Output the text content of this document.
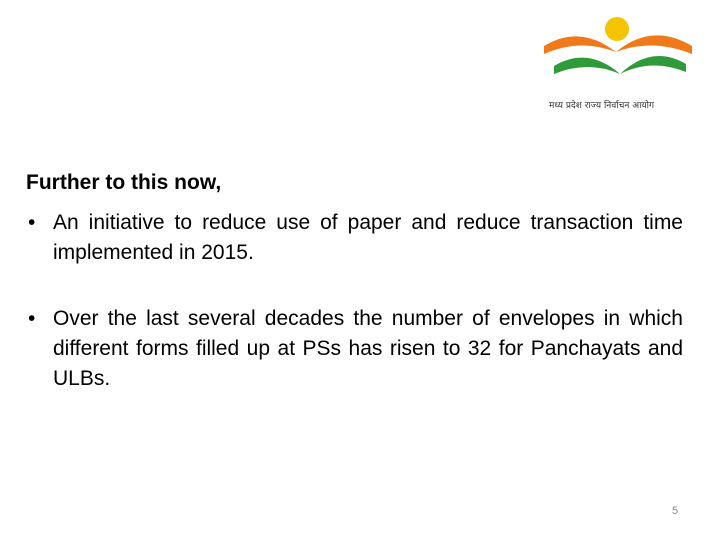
मध्य प्रदेश राज्य निर्वाचन आयोग

Further to this now,

• An initiative to reduce use of paper and reduce transaction time implemented in 2015.
• Over the last several decades the number of envelopes in which different forms filled up at PSs has risen to 32 for Panchayats and ULBs.
5
